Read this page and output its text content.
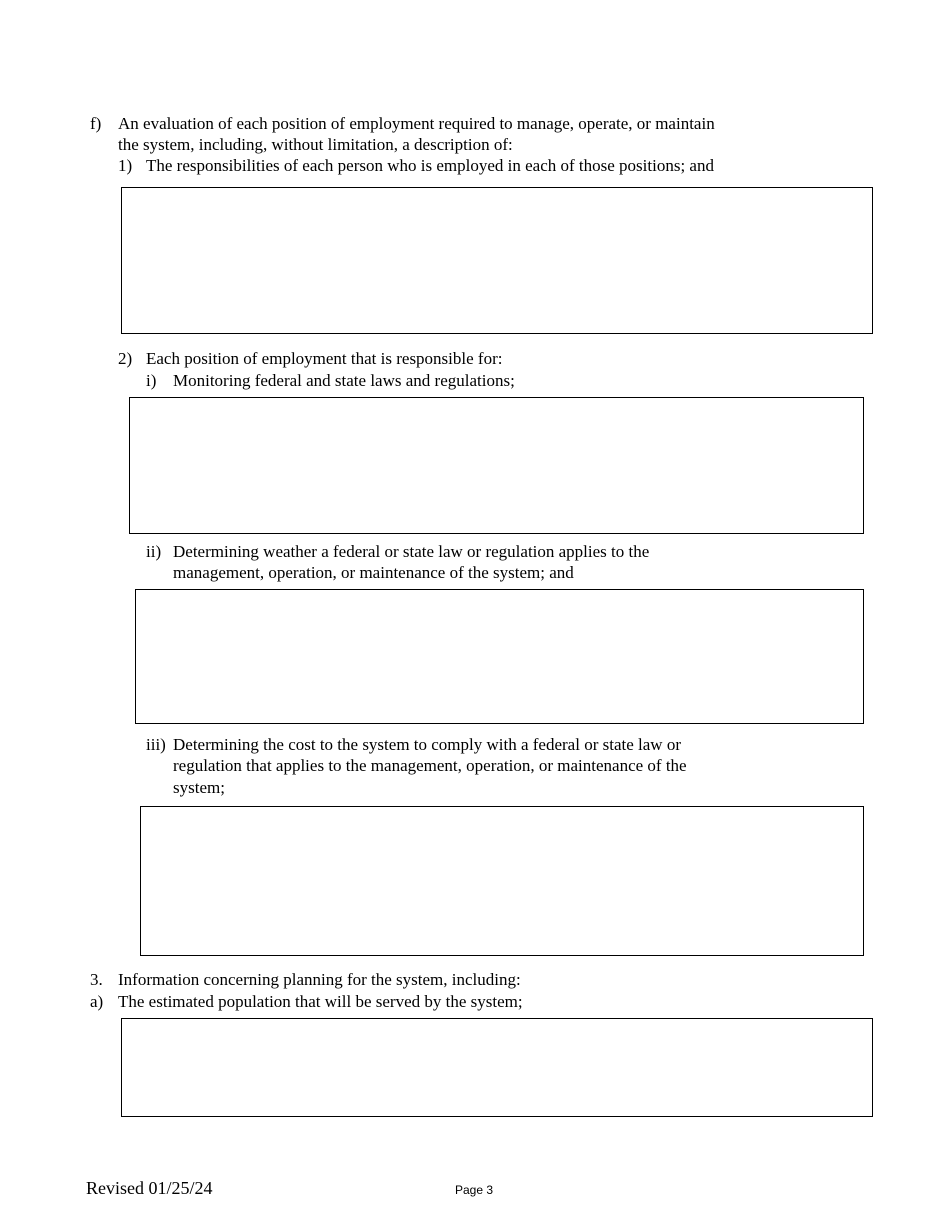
f) An evaluation of each position of employment required to manage, operate, or maintain
the system, including, without limitation, a description of:
1) The responsibilities of each person who is employed in each of those positions; and
2) Each position of employment that is responsible for:
i) Monitoring federal and state laws and regulations;
ii) Determining weather a federal or state law or regulation applies to the
management, operation, or maintenance of the system; and
iii) Determining the cost to the system to comply with a federal or state law or
regulation that applies to the management, operation, or maintenance of the
system;
3. Information concerning planning for the system, including:
a) The estimated population that will be served by the system;
Revised 01/25/24	Page 3
